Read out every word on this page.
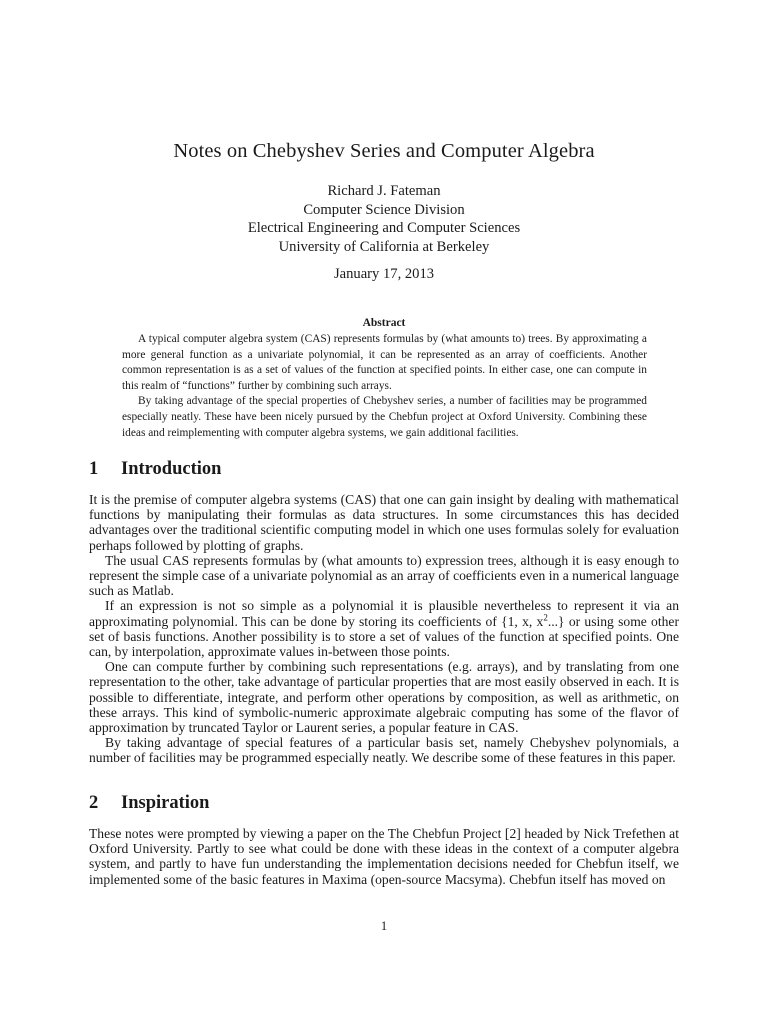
Notes on Chebyshev Series and Computer Algebra
Richard J. Fateman
Computer Science Division
Electrical Engineering and Computer Sciences
University of California at Berkeley
January 17, 2013
Abstract

A typical computer algebra system (CAS) represents formulas by (what amounts to) trees. By approximating a more general function as a univariate polynomial, it can be represented as an array of coefficients. Another common representation is as a set of values of the function at specified points. In either case, one can compute in this realm of “functions” further by combining such arrays.

By taking advantage of the special properties of Chebyshev series, a number of facilities may be programmed especially neatly. These have been nicely pursued by the Chebfun project at Oxford University. Combining these ideas and reimplementing with computer algebra systems, we gain additional facilities.

1 Introduction

It is the premise of computer algebra systems (CAS) that one can gain insight by dealing with mathematical functions by manipulating their formulas as data structures. In some circumstances this has decided advantages over the traditional scientific computing model in which one uses formulas solely for evaluation perhaps followed by plotting of graphs.

The usual CAS represents formulas by (what amounts to) expression trees, although it is easy enough to represent the simple case of a univariate polynomial as an array of coefficients even in a numerical language such as Matlab.

If an expression is not so simple as a polynomial it is plausible nevertheless to represent it via an approximating polynomial. This can be done by storing its coefficients of {1, x, $x^2$...} or using some other set of basis functions. Another possibility is to store a set of values of the function at specified points. One can, by interpolation, approximate values in-between those points.

One can compute further by combining such representations (e.g. arrays), and by translating from one representation to the other, take advantage of particular properties that are most easily observed in each. It is possible to differentiate, integrate, and perform other operations by composition, as well as arithmetic, on these arrays. This kind of symbolic-numeric approximate algebraic computing has some of the flavor of approximation by truncated Taylor or Laurent series, a popular feature in CAS.

By taking advantage of special features of a particular basis set, namely Chebyshev polynomials, a number of facilities may be programmed especially neatly. We describe some of these features in this paper.

2 Inspiration

These notes were prompted by viewing a paper on the The Chebfun Project [2] headed by Nick Trefethen at Oxford University. Partly to see what could be done with these ideas in the context of a computer algebra system, and partly to have fun understanding the implementation decisions needed for Chebfun itself, we implemented some of the basic features in Maxima (open-source Macsyma). Chebfun itself has moved on

1
